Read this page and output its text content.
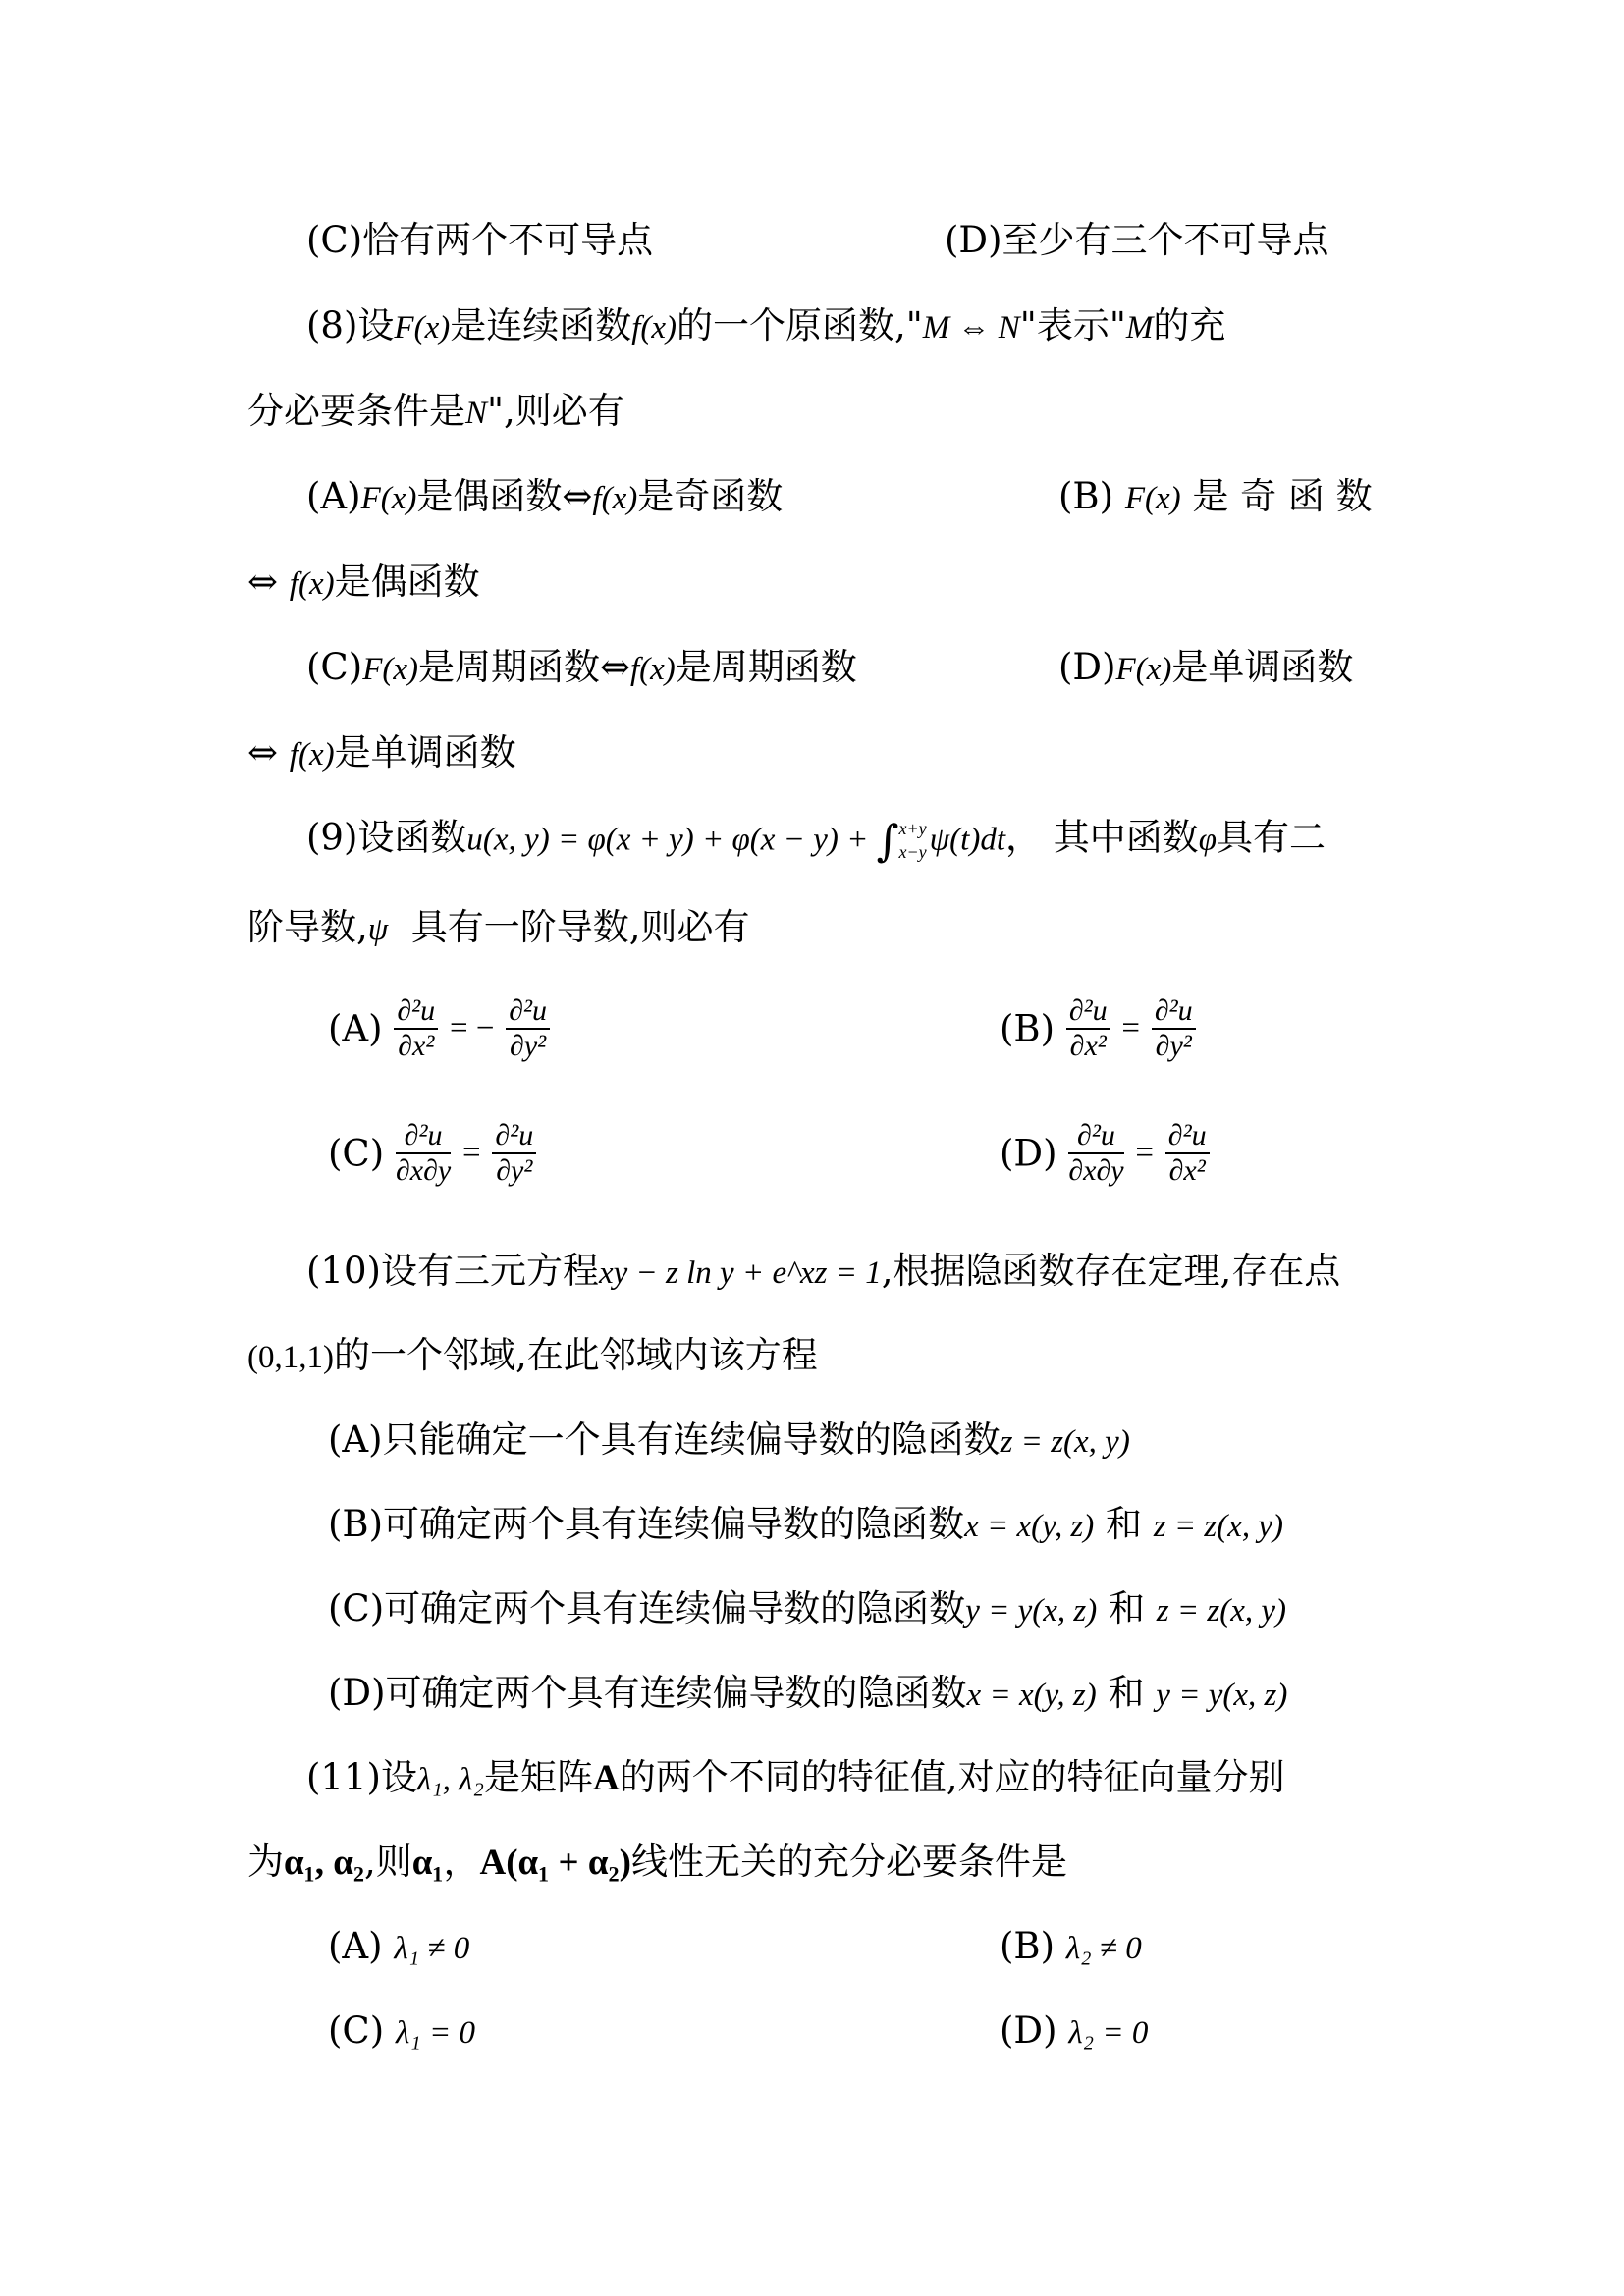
(C)恰有两个不可导点	(D)至少有三个不可导点
(8)设F(x)是连续函数f(x)的一个原函数,"M ⇔ N"表示"M的充
分必要条件是N",则必有
(A)F(x)是偶函数⇔f(x)是奇函数	(B) F(x) 是 奇 函 数
⇔ f(x)是偶函数
(C)F(x)是周期函数⇔f(x)是周期函数	(D)F(x)是单调函数
⇔ f(x)是单调函数
(9)设函数u(x, y) = φ(x + y) + φ(x − y) + ∫ x+y
x−y ψ(t)dt， 其中函数φ具有二
阶导数,ψ 具有一阶导数,则必有
$(A) \frac{\text{∂²u}}{\text{∂x²}}$ = − $\frac{\text{∂²u}}{\text{∂y²}}$	$(B) \frac{\text{∂²u}}{\text{∂x²}} = \frac{\text{∂²u}}{\text{∂y²}}$
$(C) \frac{\text{∂²u}}{\partial x\partial y} = \frac{\text{∂²u}}{\text{∂y²}}$	$(D) \frac{\text{∂²u}}{\partial x\partial y} = \frac{\text{∂²u}}{\text{∂x²}}$
(10)设有三元方程xy − z ln y + e^xz = 1,根据隐函数存在定理,存在点
(0,1,1)的一个邻域,在此邻域内该方程
(A)只能确定一个具有连续偏导数的隐函数z = z(x, y)
(B)可确定两个具有连续偏导数的隐函数x = x(y, z) 和 z = z(x, y)
(C)可确定两个具有连续偏导数的隐函数y = y(x, z) 和 z = z(x, y)
(D)可确定两个具有连续偏导数的隐函数x = x(y, z) 和 y = y(x, z)
(11)设λ₁, λ₂是矩阵A的两个不同的特征值,对应的特征向量分别
为α₁, α₂,则α₁，A(α₁ + α₂)线性无关的充分必要条件是
(A) λ₁ ≠ 0	(B) λ₂ ≠ 0
(C) λ₁ = 0	(D) λ₂ = 0
